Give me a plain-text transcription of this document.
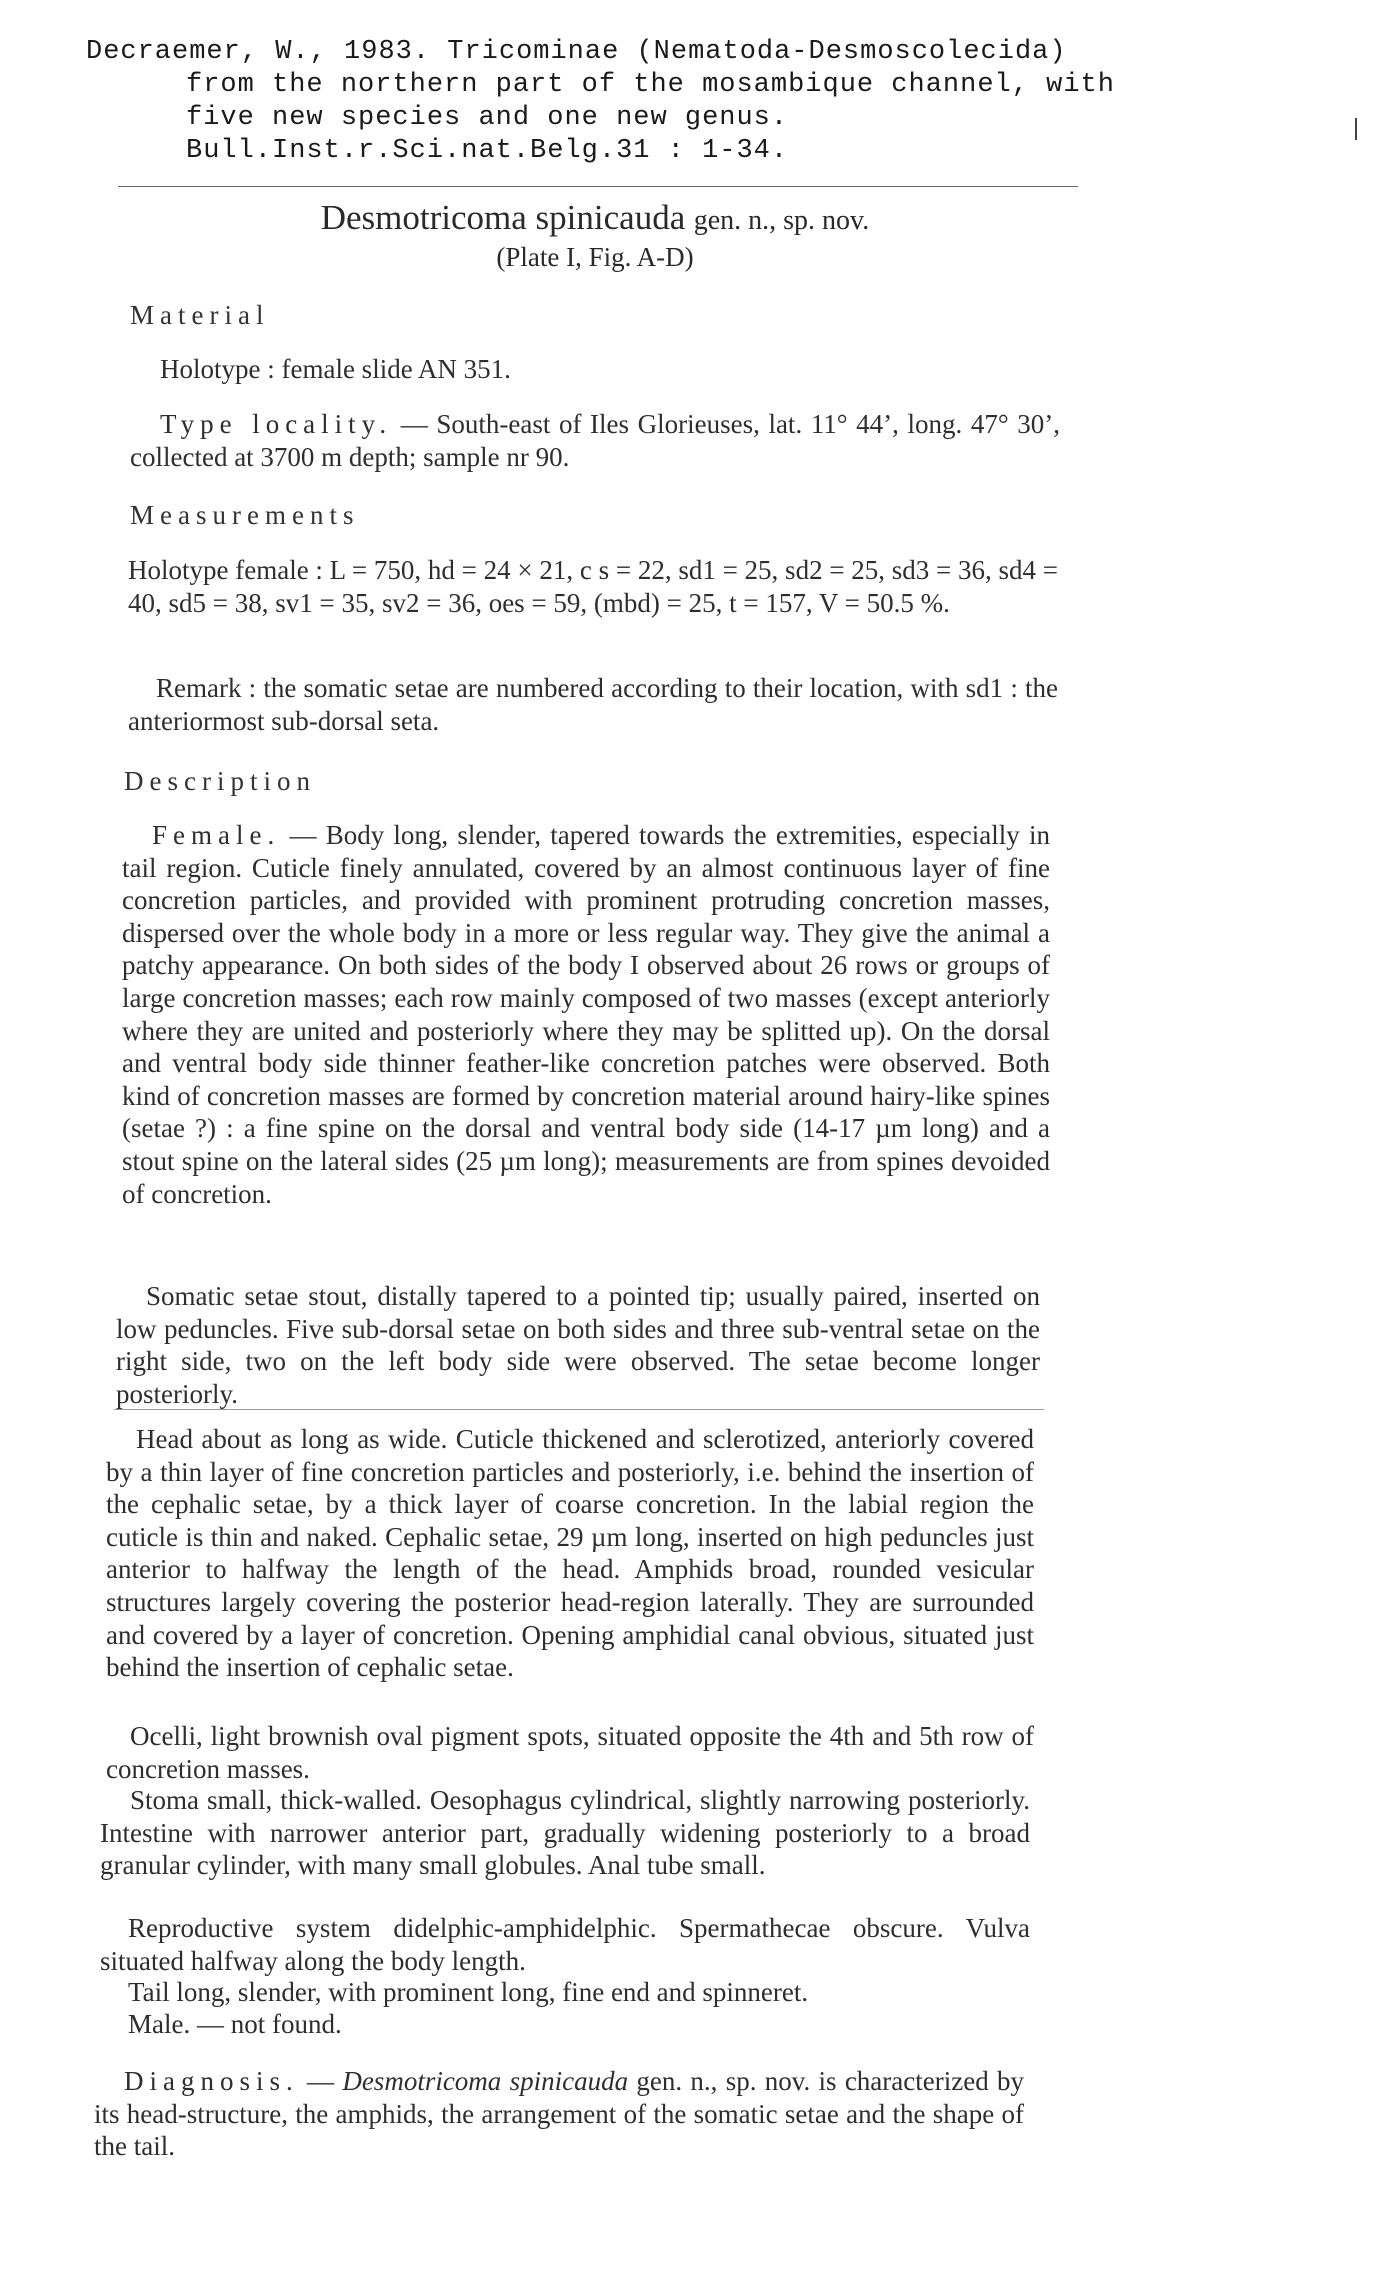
Decraemer, W., 1983. Tricominae (Nematoda-Desmoscolecida)
from the northern part of the mosambique channel, with
five new species and one new genus.
Bull.Inst.r.Sci.nat.Belg.31 : 1-34.
Desmotricoma spinicauda gen. n., sp. nov.
(Plate I, Fig. A-D)
Material
Holotype : female slide AN 351.
Type locality. — South-east of Iles Glorieuses, lat. 11° 44’, long. 47° 30’, collected at 3700 m depth; sample nr 90.
Measurements
Holotype female : L = 750, hd = 24 × 21, c s = 22, sd1 = 25, sd2 = 25, sd3 = 36, sd4 = 40, sd5 = 38, sv1 = 35, sv2 = 36, oes = 59, (mbd) = 25, t = 157, V = 50.5 %.
Remark : the somatic setae are numbered according to their location, with sd1 : the anteriormost sub-dorsal seta.
Description
Female. — Body long, slender, tapered towards the extremities, especially in tail region. Cuticle finely annulated, covered by an almost continuous layer of fine concretion particles, and provided with prominent protruding concretion masses, dispersed over the whole body in a more or less regular way. They give the animal a patchy appearance. On both sides of the body I observed about 26 rows or groups of large concretion masses; each row mainly composed of two masses (except anteriorly where they are united and posteriorly where they may be splitted up). On the dorsal and ventral body side thinner feather-like concretion patches were observed. Both kind of concretion masses are formed by concretion material around hairy-like spines (setae ?) : a fine spine on the dorsal and ventral body side (14-17 µm long) and a stout spine on the lateral sides (25 µm long); measurements are from spines devoided of concretion.
Somatic setae stout, distally tapered to a pointed tip; usually paired, inserted on low peduncles. Five sub-dorsal setae on both sides and three sub-ventral setae on the right side, two on the left body side were observed. The setae become longer posteriorly.
Head about as long as wide. Cuticle thickened and sclerotized, anteriorly covered by a thin layer of fine concretion particles and posteriorly, i.e. behind the insertion of the cephalic setae, by a thick layer of coarse concretion. In the labial region the cuticle is thin and naked. Cephalic setae, 29 µm long, inserted on high peduncles just anterior to halfway the length of the head. Amphids broad, rounded vesicular structures largely covering the posterior head-region laterally. They are surrounded and covered by a layer of concretion. Opening amphidial canal obvious, situated just behind the insertion of cephalic setae.
Ocelli, light brownish oval pigment spots, situated opposite the 4th and 5th row of concretion masses.
Stoma small, thick-walled. Oesophagus cylindrical, slightly narrowing posteriorly. Intestine with narrower anterior part, gradually widening posteriorly to a broad granular cylinder, with many small globules. Anal tube small.
Reproductive system didelphic-amphidelphic. Spermathecae obscure. Vulva situated halfway along the body length.
Tail long, slender, with prominent long, fine end and spinneret.
Male. — not found.
Diagnosis. — Desmotricoma spinicauda gen. n., sp. nov. is characterized by its head-structure, the amphids, the arrangement of the somatic setae and the shape of the tail.
